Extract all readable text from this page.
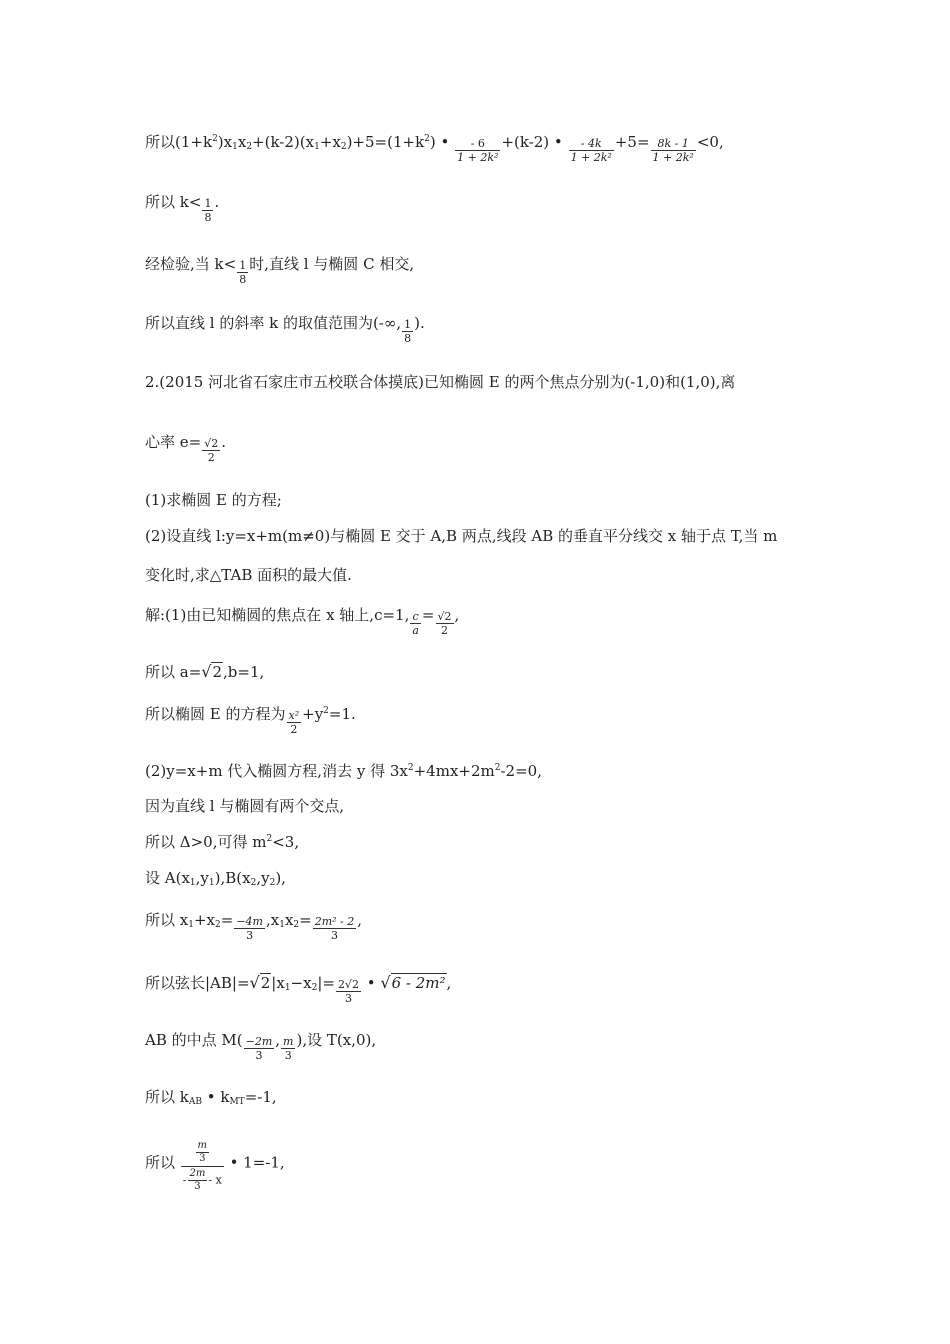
所以$(1+k^2)x_1x_2+(k-2)(x_1+x_2)+5=(1+k^2)$ • $\frac{- 6}{\text{1 + 2k²}} +(k-2)$ • $\frac{- 4k}{\text{1 + 2k²}} +5= \frac{8k - 1}{\text{1 + 2k²}} <0$,
所以 $k< \frac{1}{8}$ .
经检验,当 $k< \frac{1}{8}$ 时,直线 l 与椭圆 C 相交,
所以直线 l 的斜率 k 的取值范围为(-∞, $\frac{1}{8}$ ).
2.(2015 河北省石家庄市五校联合体摸底)已知椭圆 E 的两个焦点分别为(-1,0)和(1,0),离
心率 $e= \frac{√2}{2}$ .
(1)求椭圆 E 的方程;
(2)设直线 l:y=x+m(m≠0)与椭圆 E 交于 A,B 两点,线段 AB 的垂直平分线交 x 轴于点 T,当 m
变化时,求△TAB 面积的最大值.
解:(1)由已知椭圆的焦点在 x 轴上,c=1, $\frac{c}{a} = \frac{√2}{2}$ ,
所以 a=√2,b=1,
所以椭圆 E 的方程为 $\frac{\text{x²}}{2} +y^2=1$.
(2)y=x+m 代入椭圆方程,消去 y 得 $3x^2+4mx+2m^2-2=0$,
因为直线 l 与椭圆有两个交点,
所以 Δ>0,可得 $m^2<3$,
设 $A(x_1,y_1),B(x_2,y_2)$,
所以 $x_1+x_2= \frac{-4m}{3} ,x_1x_2= \frac{\text{2m² - 2}}{3}$ ,
所以弦长$|AB|=√2|x_1-x_2|= \frac{2√2}{3}$ • √6 - 2m²,
AB 的中点 $M( \frac{-2m}{3}$ , $\frac{m}{3}$ ),设 T(x,0),
所以 $k_{AB}$ • $k_{MT}=-1$,
所以 $\frac{\frac{m}{3}}{- \frac{2m}{3} - x}$ • 1=-1,
